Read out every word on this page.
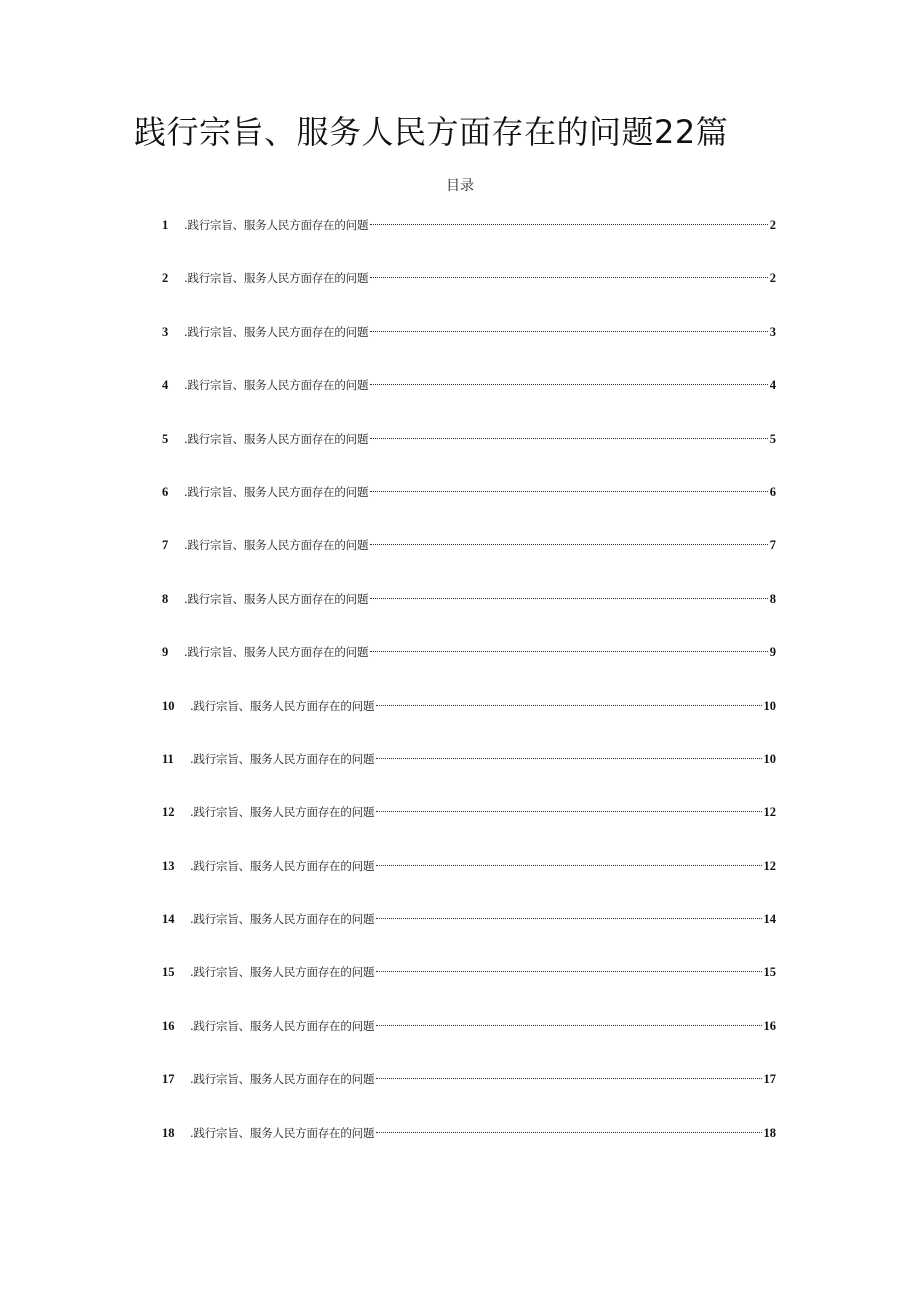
践行宗旨、服务人民方面存在的问题22篇
目录
1	.践行宗旨、服务人民方面存在的问题	2
2	.践行宗旨、服务人民方面存在的问题	2
3	.践行宗旨、服务人民方面存在的问题	3
4	.践行宗旨、服务人民方面存在的问题	4
5	.践行宗旨、服务人民方面存在的问题	5
6	.践行宗旨、服务人民方面存在的问题	6
7	.践行宗旨、服务人民方面存在的问题	7
8	.践行宗旨、服务人民方面存在的问题	8
9	.践行宗旨、服务人民方面存在的问题	9
10	.践行宗旨、服务人民方面存在的问题	10
11	.践行宗旨、服务人民方面存在的问题	10
12	.践行宗旨、服务人民方面存在的问题	12
13	.践行宗旨、服务人民方面存在的问题	12
14	.践行宗旨、服务人民方面存在的问题	14
15	.践行宗旨、服务人民方面存在的问题	15
16	.践行宗旨、服务人民方面存在的问题	16
17	.践行宗旨、服务人民方面存在的问题	17
18	.践行宗旨、服务人民方面存在的问题	18
